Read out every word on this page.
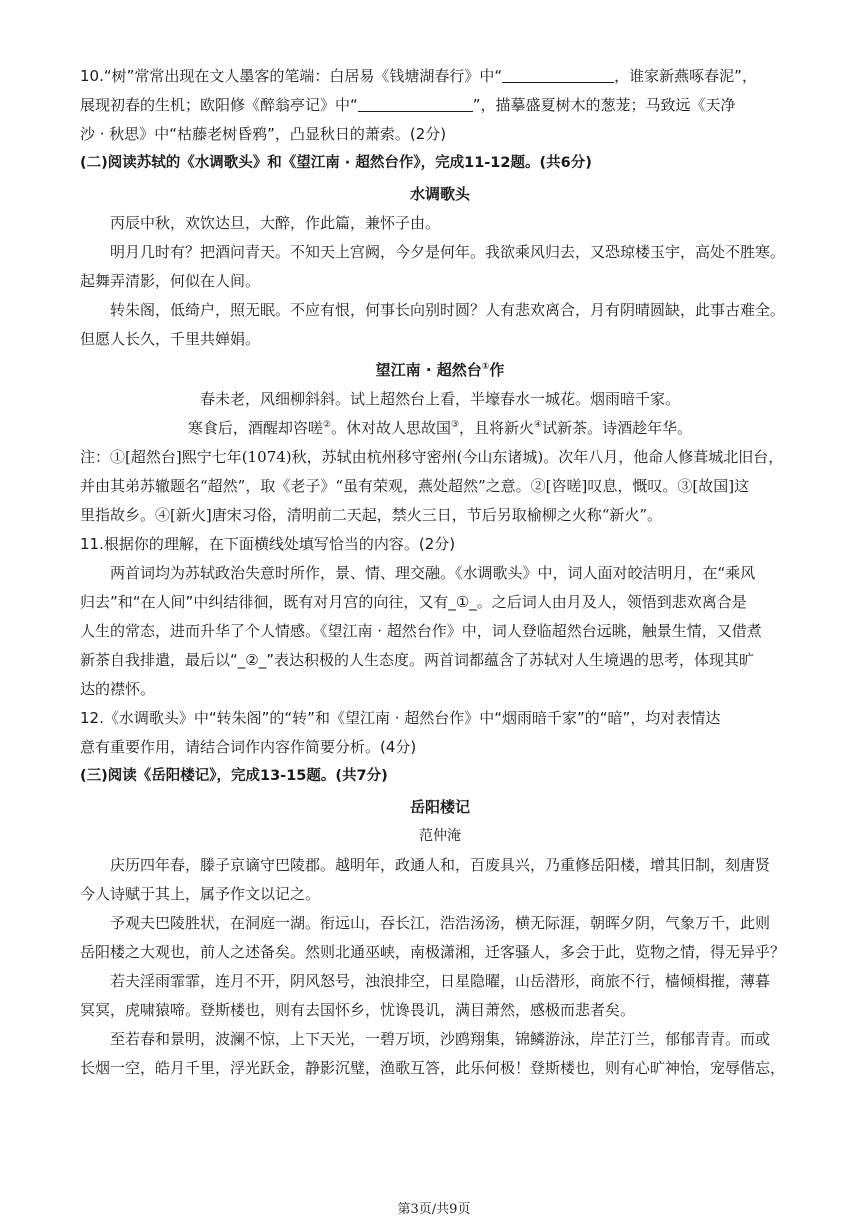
10.“树”常常出现在文人墨客的笔端：白居易《钱塘湖春行》中“	，谁家新燕啄春泥”，
展现初春的生机；欧阳修《醉翁亭记》中“	”，描摹盛夏树木的葱茏；马致远《天净
沙 · 秋思》中“枯藤老树昏鸦”，凸显秋日的萧索。(2分)
(二)阅读苏轼的《水调歌头》和《望江南 · 超然台作》，完成11-12题。(共6分)
水调歌头
丙辰中秋，欢饮达旦，大醉，作此篇，兼怀子由。
明月几时有？把酒问青天。不知天上宫阙，今夕是何年。我欲乘风归去，又恐琼楼玉宇，高处不胜寒。
起舞弄清影，何似在人间。
转朱阁，低绮户，照无眠。不应有恨，何事长向别时圆？人有悲欢离合，月有阴晴圆缺，此事古难全。
但愿人长久，千里共婵娟。
望江南 · 超然台①作
春未老，风细柳斜斜。试上超然台上看，半壕春水一城花。烟雨暗千家。
寒食后，酒醒却咨嗟②。休对故人思故国③，且将新火④试新茶。诗酒趁年华。
注：①[超然台]熙宁七年(1074)秋，苏轼由杭州移守密州(今山东诸城)。次年八月，他命人修葺城北旧台，
并由其弟苏辙题名“超然”，取《老子》“虽有荣观，燕处超然”之意。②[咨嗟]叹息，慨叹。③[故国]这
里指故乡。④[新火]唐宋习俗，清明前二天起，禁火三日，节后另取榆柳之火称“新火”。
11.根据你的理解，在下面横线处填写恰当的内容。(2分)
两首词均为苏轼政治失意时所作，景、情、理交融。《水调歌头》中，词人面对皎洁明月，在“乘风
归去”和“在人间”中纠结徘徊，既有对月宫的向往，又有_①_。之后词人由月及人，领悟到悲欢离合是
人生的常态，进而升华了个人情感。《望江南 · 超然台作》中，词人登临超然台远眺，触景生情，又借煮
新茶自我排遣，最后以“_②_”表达积极的人生态度。两首词都蕴含了苏轼对人生境遇的思考，体现其旷
达的襟怀。
12.《水调歌头》中“转朱阁”的“转”和《望江南 · 超然台作》中“烟雨暗千家”的“暗”，均对表情达
意有重要作用，请结合词作内容作简要分析。(4分)
(三)阅读《岳阳楼记》，完成13-15题。(共7分)
岳阳楼记
范仲淹
庆历四年春，滕子京谪守巴陵郡。越明年，政通人和，百废具兴，乃重修岳阳楼，增其旧制，刻唐贤
今人诗赋于其上，属予作文以记之。
予观夫巴陵胜状，在洞庭一湖。衔远山，吞长江，浩浩汤汤，横无际涯，朝晖夕阴，气象万千，此则
岳阳楼之大观也，前人之述备矣。然则北通巫峡，南极潇湘，迁客骚人，多会于此，览物之情，得无异乎？
若夫淫雨霏霏，连月不开，阴风怒号，浊浪排空，日星隐曜，山岳潜形，商旅不行，樯倾楫摧，薄暮
冥冥，虎啸猿啼。登斯楼也，则有去国怀乡，忧谗畏讥，满目萧然，感极而悲者矣。
至若春和景明，波澜不惊，上下天光，一碧万顷，沙鸥翔集，锦鳞游泳，岸芷汀兰，郁郁青青。而或
长烟一空，皓月千里，浮光跃金，静影沉璧，渔歌互答，此乐何极！登斯楼也，则有心旷神怡，宠辱偕忘，
第3页/共9页
